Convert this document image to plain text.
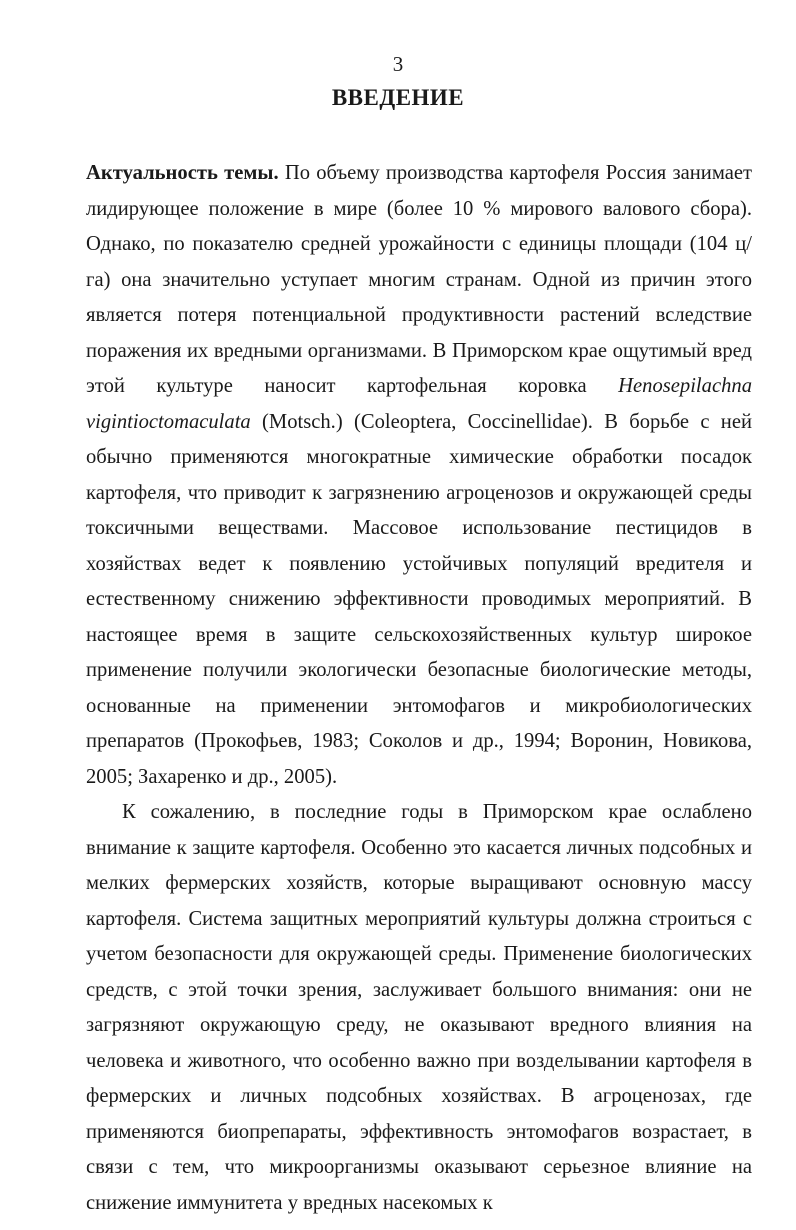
3
ВВЕДЕНИЕ

Актуальность темы. По объему производства картофеля Россия занимает лидирующее положение в мире (более 10 % мирового валового сбора). Однако, по показателю средней урожайности с единицы площади (104 ц/га) она значительно уступает многим странам. Одной из причин этого является потеря потенциальной продуктивности растений вследствие поражения их вредными организмами. В Приморском крае ощутимый вред этой культуре наносит картофельная коровка Henosepilachna vigintioctomaculata (Motsch.) (Coleoptera, Coccinellidae). В борьбе с ней обычно применяются многократные химические обработки посадок картофеля, что приводит к загрязнению агроценозов и окружающей среды токсичными веществами. Массовое использование пестицидов в хозяйствах ведет к появлению устойчивых популяций вредителя и естественному снижению эффективности проводимых мероприятий. В настоящее время в защите сельскохозяйственных культур широкое применение получили экологически безопасные биологические методы, основанные на применении энтомофагов и микробиологических препаратов (Прокофьев, 1983; Соколов и др., 1994; Воронин, Новикова, 2005; Захаренко и др., 2005).

К сожалению, в последние годы в Приморском крае ослаблено внимание к защите картофеля. Особенно это касается личных подсобных и мелких фермерских хозяйств, которые выращивают основную массу картофеля. Система защитных мероприятий культуры должна строиться с учетом безопасности для окружающей среды. Применение биологических средств, с этой точки зрения, заслуживает большого внимания: они не загрязняют окружающую среду, не оказывают вредного влияния на человека и животного, что особенно важно при возделывании картофеля в фермерских и личных подсобных хозяйствах. В агроценозах, где применяются биопрепараты, эффективность энтомофагов возрастает, в связи с тем, что микроорганизмы оказывают серьезное влияние на снижение иммунитета у вредных насекомых к
